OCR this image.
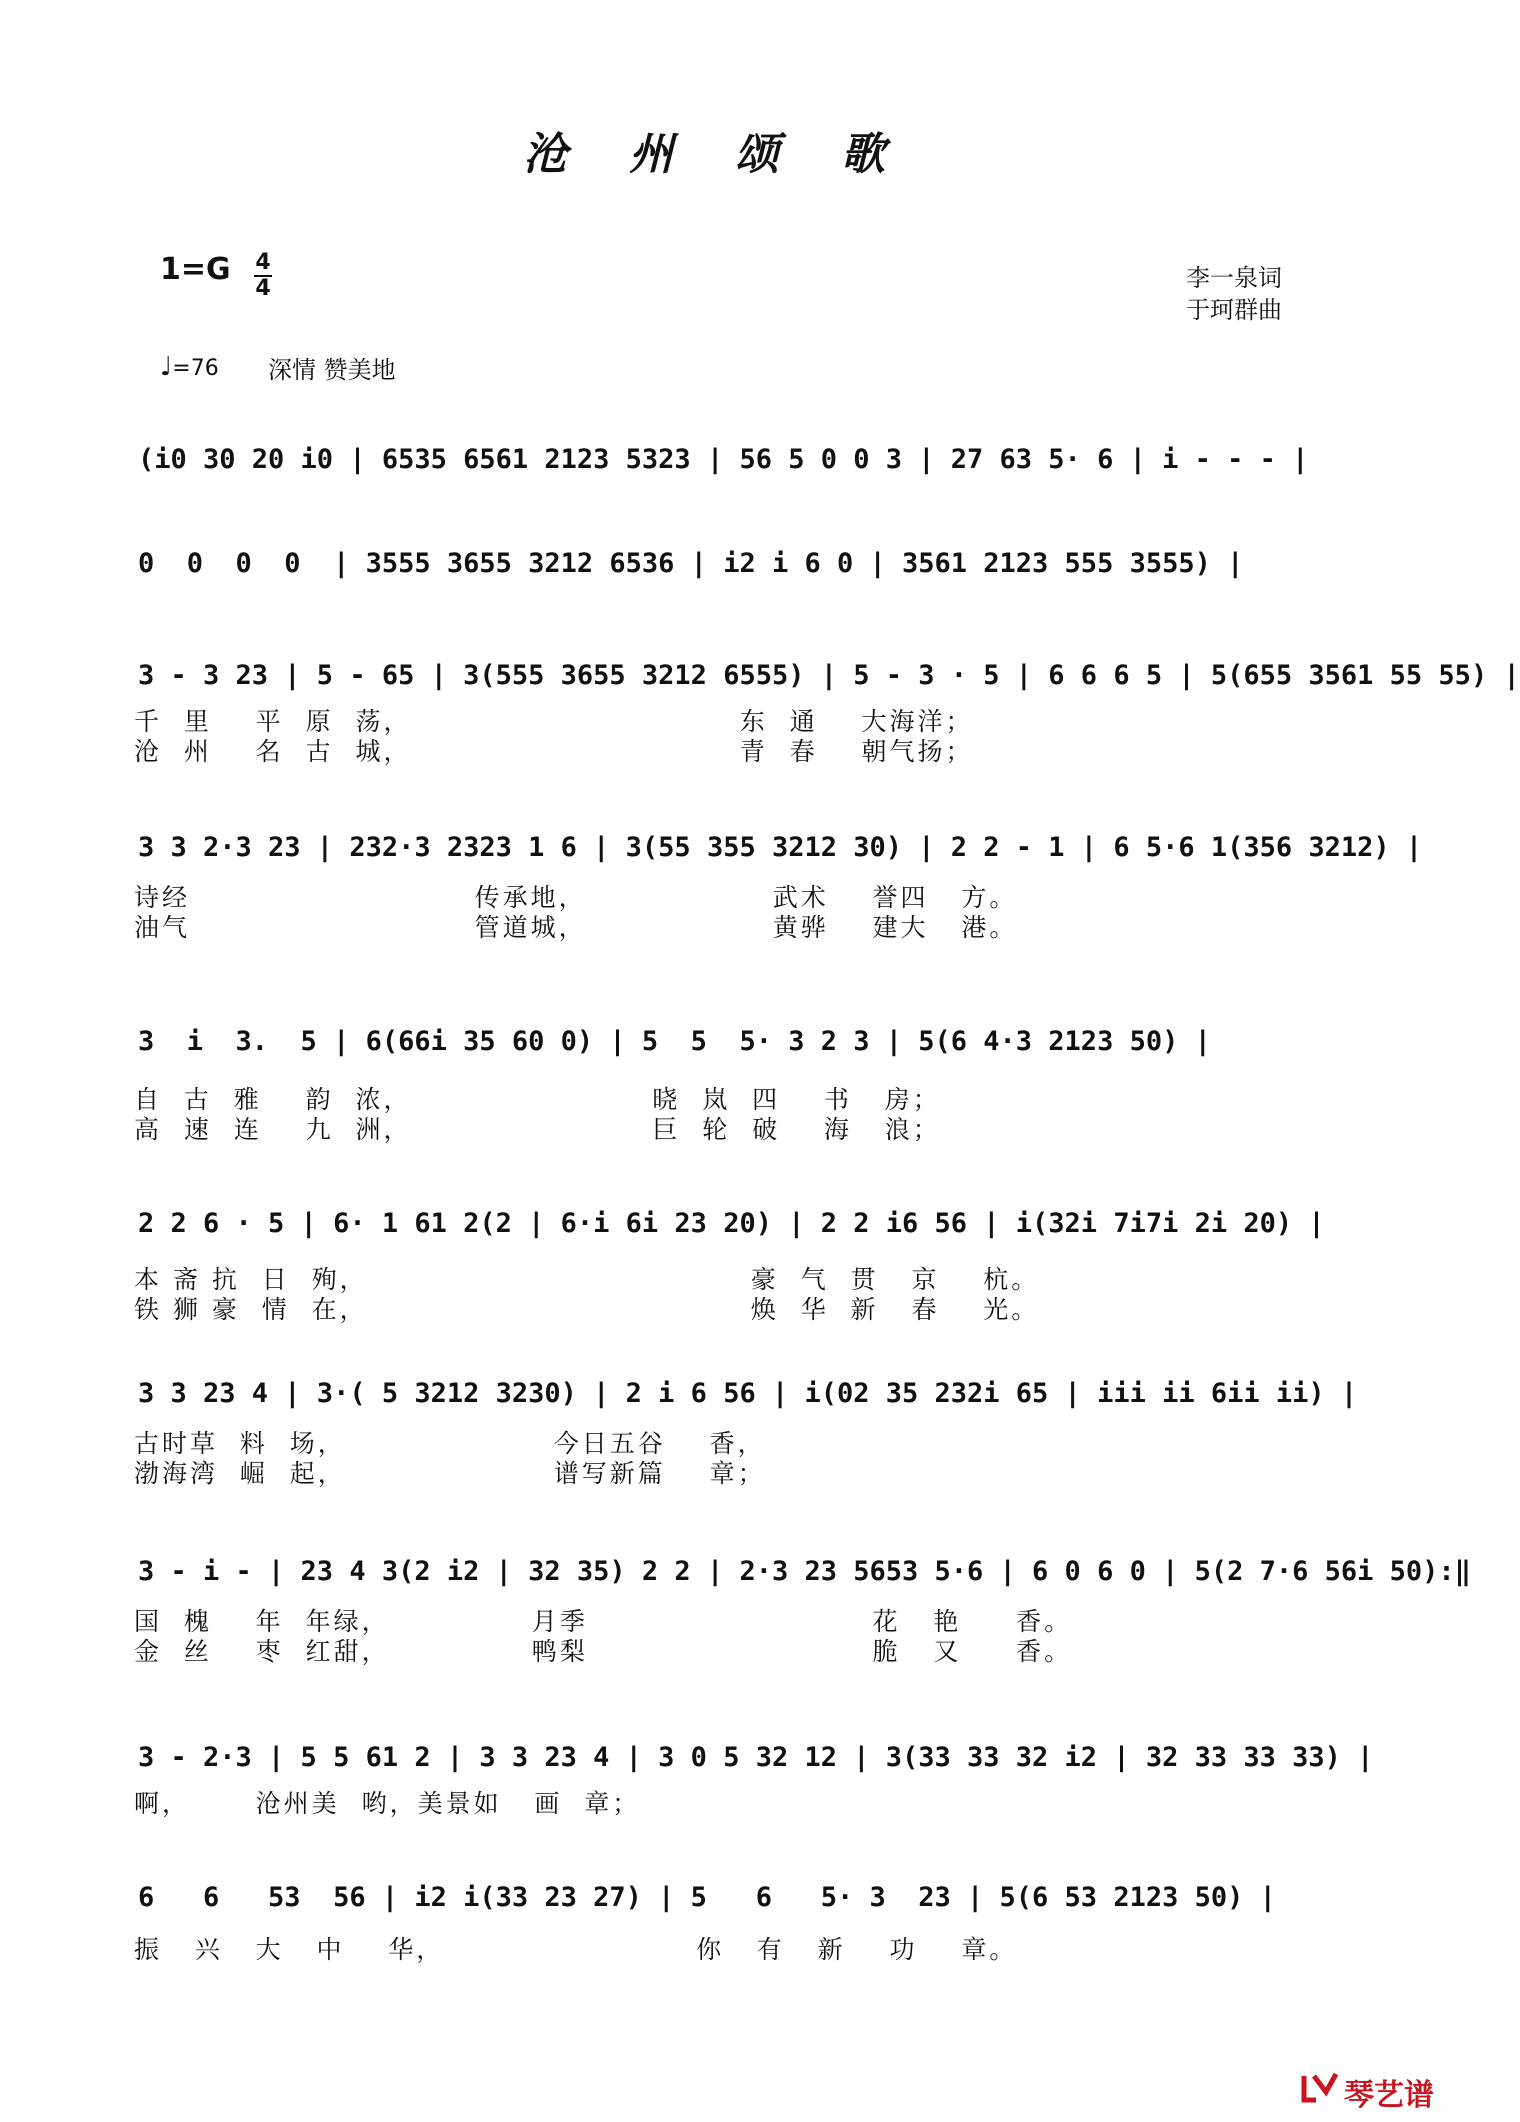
沧州颂歌
1=G 4
4	李一泉词
于珂群曲
♩=76 深情 赞美地
(i0 30 20 i0 | 6535 6561 2123 5323 | 56 5 0 0 3 | 27 63 5· 6 | i - - - |
0  0  0  0  | 3555 3655 3212 6536 | i2 i 6 0 | 3561 2123 555 3555) |
3 - 3 23 | 5 - 65 | 3(555 3655 3212 6555) | 5 - 3 · 5 | 6 6 6 5 | 5(655 3561 55 55) |
千  里    平  原  荡，                              东  通    大海洋；
沧  州    名  古  城，                              青  春    朝气扬；
3 3 2·3 23 | 232·3 2323 1 6 | 3(55 355 3212 30) | 2 2 - 1 | 6 5·6 1(356 3212) |
诗经                          传承地，                 武术    誉四   方。
油气                          管道城，                 黄骅    建大   港。
3  i  3.  5 | 6(66i 35 60 0) | 5  5  5· 3 2 3 | 5(6 4·3 2123 50) |
自  古  雅    韵  浓，                      晓  岚  四    书   房；
高  速  连    九  洲，                      巨  轮  破    海   浪；
2 2 6 · 5 | 6· 1 61 2(2 | 6·i 6i 23 20) | 2 2 i6 56 | i(32i 7i7i 2i 20) |
本 斋 抗  日  殉，                                   豪  气  贯   京    杭。
铁 狮 豪  情  在，                                   焕  华  新   春    光。
3 3 23 4 | 3·( 5 3212 3230) | 2 i 6 56 | i(02 35 232i 65 | iii ii 6ii ii) |
古时草  料  场，                   今日五谷    香，
渤海湾  崛  起，                   谱写新篇    章；
3 - i - | 23 4 3(2 i2 | 32 35) 2 2 | 2·3 23 5653 5·6 | 6 0 6 0 | 5(2 7·6 56i 50):‖
国  槐    年  年绿，             月季                          花   艳     香。
金  丝    枣  红甜，             鸭梨                          脆   又     香。
3 - 2·3 | 5 5 61 2 | 3 3 23 4 | 3 0 5 32 12 | 3(33 33 32 i2 | 32 33 33 33) |
啊，      沧州美  哟，美景如   画  章；
6   6   53  56 | i2 i(33 23 27) | 5   6   5· 3  23 | 5(6 53 2123 50) |
振   兴   大   中    华，                       你   有   新    功    章。
琴艺谱
